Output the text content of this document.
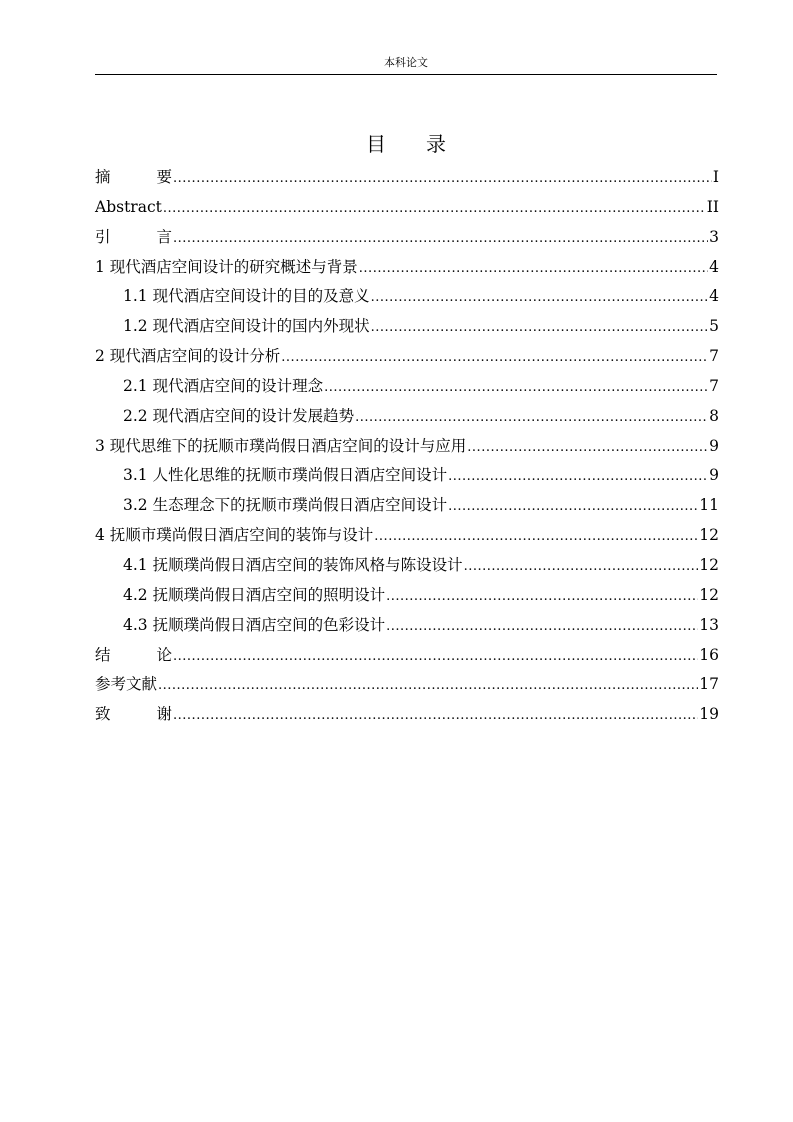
本科论文
目 录
摘	要 .....	I
Abstract .....	II
引	言 .....	3
1 现代酒店空间设计的研究概述与背景 .....	4
1.1 现代酒店空间设计的目的及意义 .....	4
1.2 现代酒店空间设计的国内外现状 .....	5
2 现代酒店空间的设计分析 .....	7
2.1 现代酒店空间的设计理念 .....	7
2.2 现代酒店空间的设计发展趋势 .....	8
3 现代思维下的抚顺市璞尚假日酒店空间的设计与应用 .....	9
3.1 人性化思维的抚顺市璞尚假日酒店空间设计 .....	9
3.2 生态理念下的抚顺市璞尚假日酒店空间设计 .....	11
4 抚顺市璞尚假日酒店空间的装饰与设计 .....	12
4.1 抚顺璞尚假日酒店空间的装饰风格与陈设设计 .....	12
4.2 抚顺璞尚假日酒店空间的照明设计 .....	12
4.3 抚顺璞尚假日酒店空间的色彩设计 .....	13
结	论 .....	16
参考文献 .....	17
致	谢 .....	19
